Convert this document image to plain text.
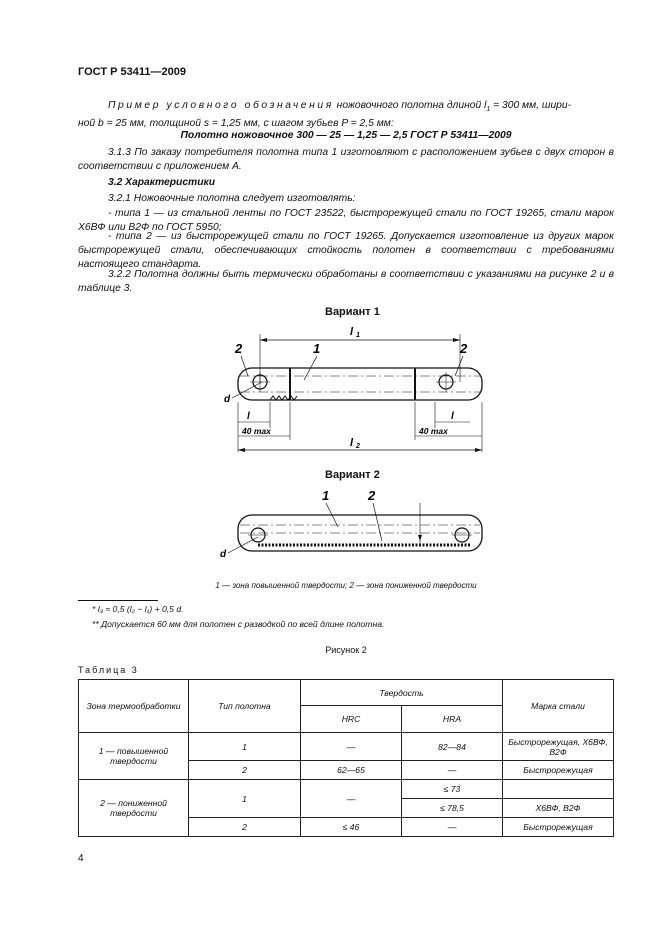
ГОСТ Р 53411—2009
Пример условного обозначения ножовочного полотна длиной $l_1 = 300$ мм, шири-
ной b = 25 мм, толщиной s = 1,25 мм, с шагом зубьев P = 2,5 мм:
Полотно ножовочное 300 — 25 — 1,25 — 2,5 ГОСТ Р 53411—2009
3.1.3 По заказу потребителя полотна типа 1 изготовляют с расположением зубьев с двух сторон в соответствии с приложением А.
3.2 Характеристики
3.2.1 Ножовочные полотна следует изготовлять:
- типа 1 — из стальной ленты по ГОСТ 23522, быстрорежущей стали по ГОСТ 19265, стали марок Х6ВФ или В2Ф по ГОСТ 5950;
- типа 2 — из быстрорежущей стали по ГОСТ 19265. Допускается изготовление из других марок быстрорежущей стали, обеспечивающих стойкость полотен в соответствии с требованиями настоящего стандарта.
3.2.2 Полотна должны быть термически обработаны в соответствии с указаниями на рисунке 2 и в таблице 3.
Вариант 1
l 1
1
2	2
d
l	l
40 max	40 max
l 2
Вариант 2
1	2
d
1 — зона повышенной твердости; 2 — зона пониженной твердости
* l₃ ≈ 0,5 (l₂ − l₁) + 0,5 d.
** Допускается 60 мм для полотен с разводкой по всей длине полотна.
Рисунок 2
Таблица 3
Зона термообработки	Тип полотна	Твердость		Марка стали
		HRC	HRA	
1 — повышенной твердости	1	—	82—84	Быстрорежущая, Х6ВФ, В2Ф
	2	62—65	—	Быстрорежущая
2 — пониженной твердости	1	—	≤ 73	
			≤ 78,5	Х6ВФ, В2Ф
	2	≤ 46	—	Быстрорежущая
4
